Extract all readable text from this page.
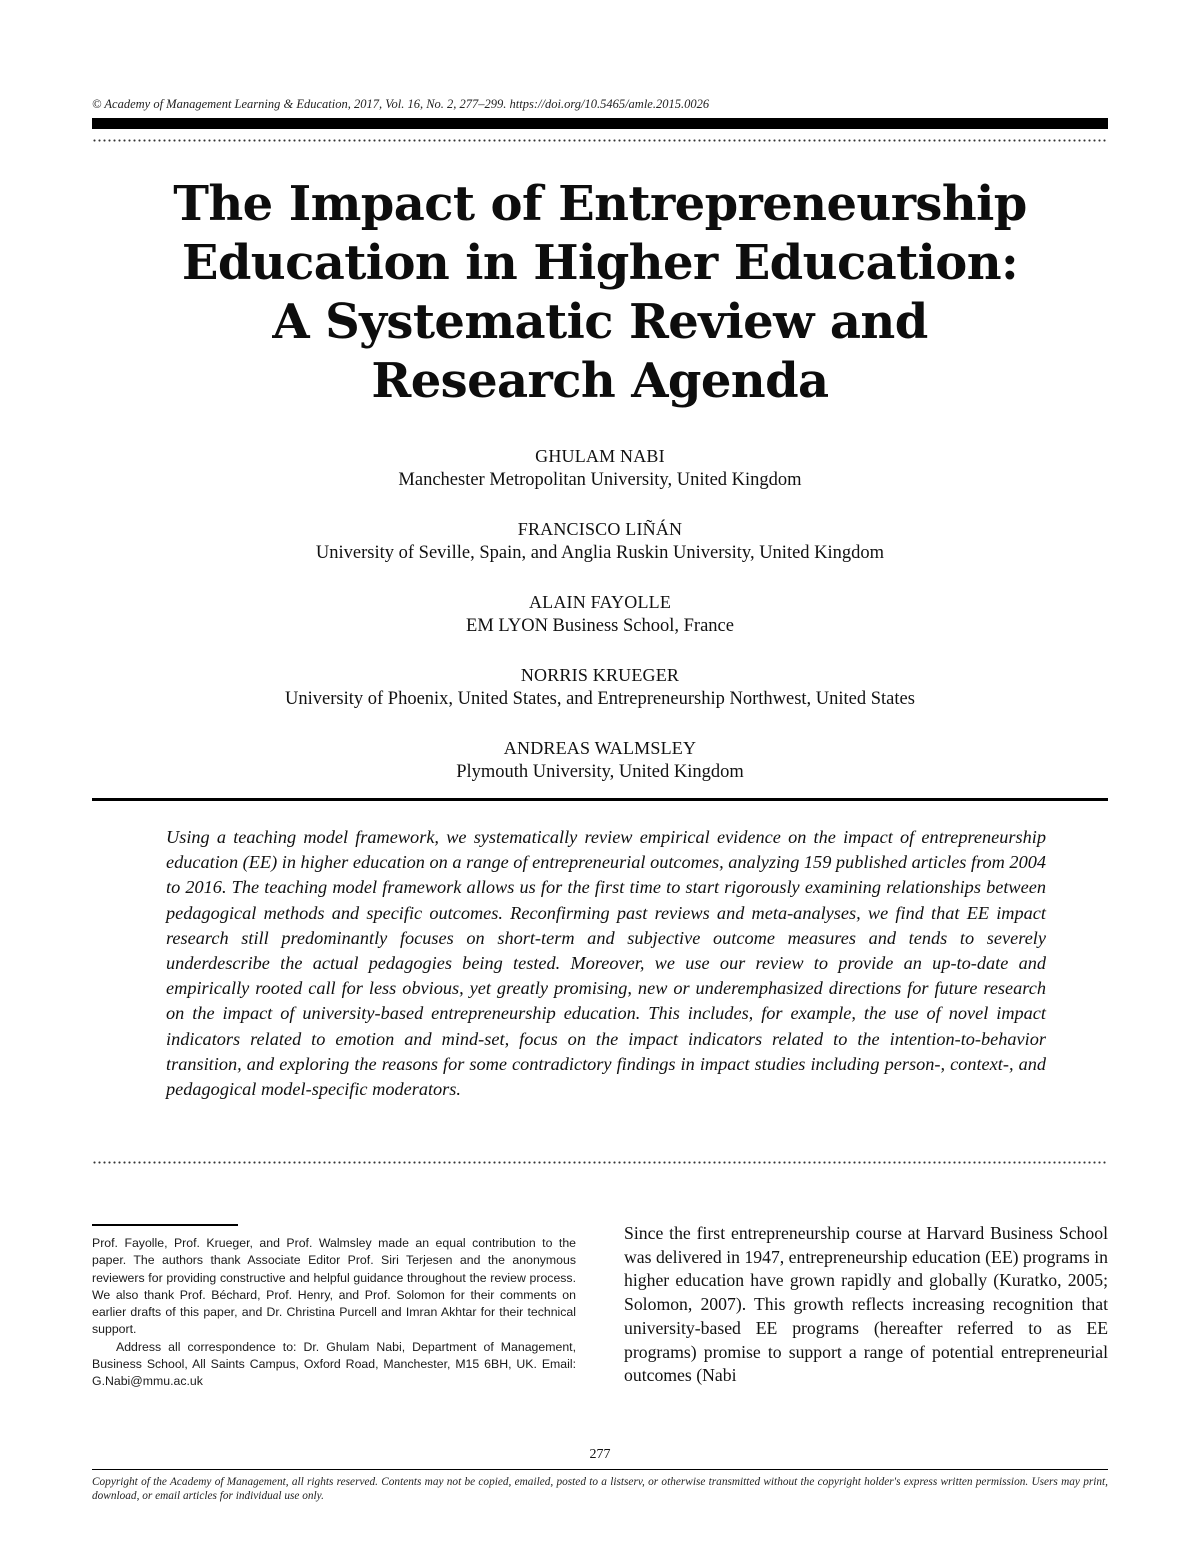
© Academy of Management Learning & Education, 2017, Vol. 16, No. 2, 277–299. https://doi.org/10.5465/amle.2015.0026
The Impact of Entrepreneurship
Education in Higher Education:
A Systematic Review and
Research Agenda
GHULAM NABI
Manchester Metropolitan University, United Kingdom
FRANCISCO LIÑÁN
University of Seville, Spain, and Anglia Ruskin University, United Kingdom
ALAIN FAYOLLE
EM LYON Business School, France
NORRIS KRUEGER
University of Phoenix, United States, and Entrepreneurship Northwest, United States
ANDREAS WALMSLEY
Plymouth University, United Kingdom

Using a teaching model framework, we systematically review empirical evidence on the impact of entrepreneurship education (EE) in higher education on a range of entrepreneurial outcomes, analyzing 159 published articles from 2004 to 2016. The teaching model framework allows us for the first time to start rigorously examining relationships between pedagogical methods and specific outcomes. Reconfirming past reviews and meta-analyses, we find that EE impact research still predominantly focuses on short-term and subjective outcome measures and tends to severely underdescribe the actual pedagogies being tested. Moreover, we use our review to provide an up-to-date and empirically rooted call for less obvious, yet greatly promising, new or underemphasized directions for future research on the impact of university-based entrepreneurship education. This includes, for example, the use of novel impact indicators related to emotion and mind-set, focus on the impact indicators related to the intention-to-behavior transition, and exploring the reasons for some contradictory findings in impact studies including person-, context-, and pedagogical model-specific moderators.

Prof. Fayolle, Prof. Krueger, and Prof. Walmsley made an equal contribution to the paper. The authors thank Associate Editor Prof. Siri Terjesen and the anonymous reviewers for providing constructive and helpful guidance throughout the review process. We also thank Prof. Béchard, Prof. Henry, and Prof. Solomon for their comments on earlier drafts of this paper, and Dr. Christina Purcell and Imran Akhtar for their technical support.

Address all correspondence to: Dr. Ghulam Nabi, Department of Management, Business School, All Saints Campus, Oxford Road, Manchester, M15 6BH, UK. Email: G.Nabi@mmu.ac.uk

Since the first entrepreneurship course at Harvard Business School was delivered in 1947, entrepreneurship education (EE) programs in higher education have grown rapidly and globally (Kuratko, 2005; Solomon, 2007). This growth reflects increasing recognition that university-based EE programs (hereafter referred to as EE programs) promise to support a range of potential entrepreneurial outcomes (Nabi

277

Copyright of the Academy of Management, all rights reserved. Contents may not be copied, emailed, posted to a listserv, or otherwise transmitted without the copyright holder's express written permission. Users may print, download, or email articles for individual use only.
